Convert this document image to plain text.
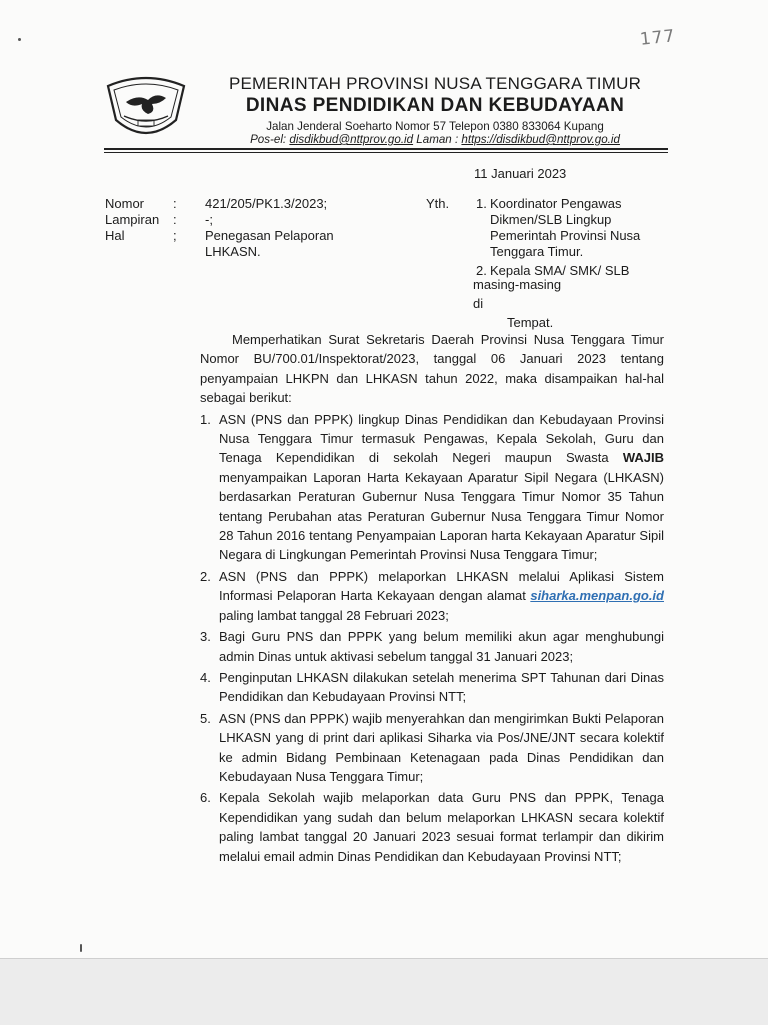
177
PEMERINTAH PROVINSI NUSA TENGGARA TIMUR
DINAS PENDIDIKAN DAN KEBUDAYAAN
Jalan Jenderal Soeharto Nomor 57 Telepon 0380 833064 Kupang
Pos-el: disdikbud@nttprov.go.id Laman : https://disdikbud@nttprov.go.id
11 Januari 2023
Nomor : 421/205/PK1.3/2023;
Lampiran : -;
Hal	; Penegasan Pelaporan
LHKASN.
Yth. 1. Koordinator Pengawas
Dikmen/SLB Lingkup
Pemerintah Provinsi Nusa
Tenggara Timur.
2. Kepala SMA/ SMK/ SLB
masing-masing
di
Tempat.
Memperhatikan Surat Sekretaris Daerah Provinsi Nusa Tenggara Timur Nomor BU/700.01/Inspektorat/2023, tanggal 06 Januari 2023 tentang penyampaian LHKPN dan LHKASN tahun 2022, maka disampaikan hal-hal sebagai berikut:
1. ASN (PNS dan PPPK) lingkup Dinas Pendidikan dan Kebudayaan Provinsi Nusa Tenggara Timur termasuk Pengawas, Kepala Sekolah, Guru dan Tenaga Kependidikan di sekolah Negeri maupun Swasta WAJIB menyampaikan Laporan Harta Kekayaan Aparatur Sipil Negara (LHKASN) berdasarkan Peraturan Gubernur Nusa Tenggara Timur Nomor 35 Tahun tentang Perubahan atas Peraturan Gubernur Nusa Tenggara Timur Nomor 28 Tahun 2016 tentang Penyampaian Laporan harta Kekayaan Aparatur Sipil Negara di Lingkungan Pemerintah Provinsi Nusa Tenggara Timur;
2. ASN (PNS dan PPPK) melaporkan LHKASN melalui Aplikasi Sistem Informasi Pelaporan Harta Kekayaan dengan alamat siharka.menpan.go.id paling lambat tanggal 28 Februari 2023;
3. Bagi Guru PNS dan PPPK yang belum memiliki akun agar menghubungi admin Dinas untuk aktivasi sebelum tanggal 31 Januari 2023;
4. Penginputan LHKASN dilakukan setelah menerima SPT Tahunan dari Dinas Pendidikan dan Kebudayaan Provinsi NTT;
5. ASN (PNS dan PPPK) wajib menyerahkan dan mengirimkan Bukti Pelaporan LHKASN yang di print dari aplikasi Siharka via Pos/JNE/JNT secara kolektif ke admin Bidang Pembinaan Ketenagaan pada Dinas Pendidikan dan Kebudayaan Nusa Tenggara Timur;
6. Kepala Sekolah wajib melaporkan data Guru PNS dan PPPK, Tenaga Kependidikan yang sudah dan belum melaporkan LHKASN secara kolektif paling lambat tanggal 20 Januari 2023 sesuai format terlampir dan dikirim melalui email admin Dinas Pendidikan dan Kebudayaan Provinsi NTT;
